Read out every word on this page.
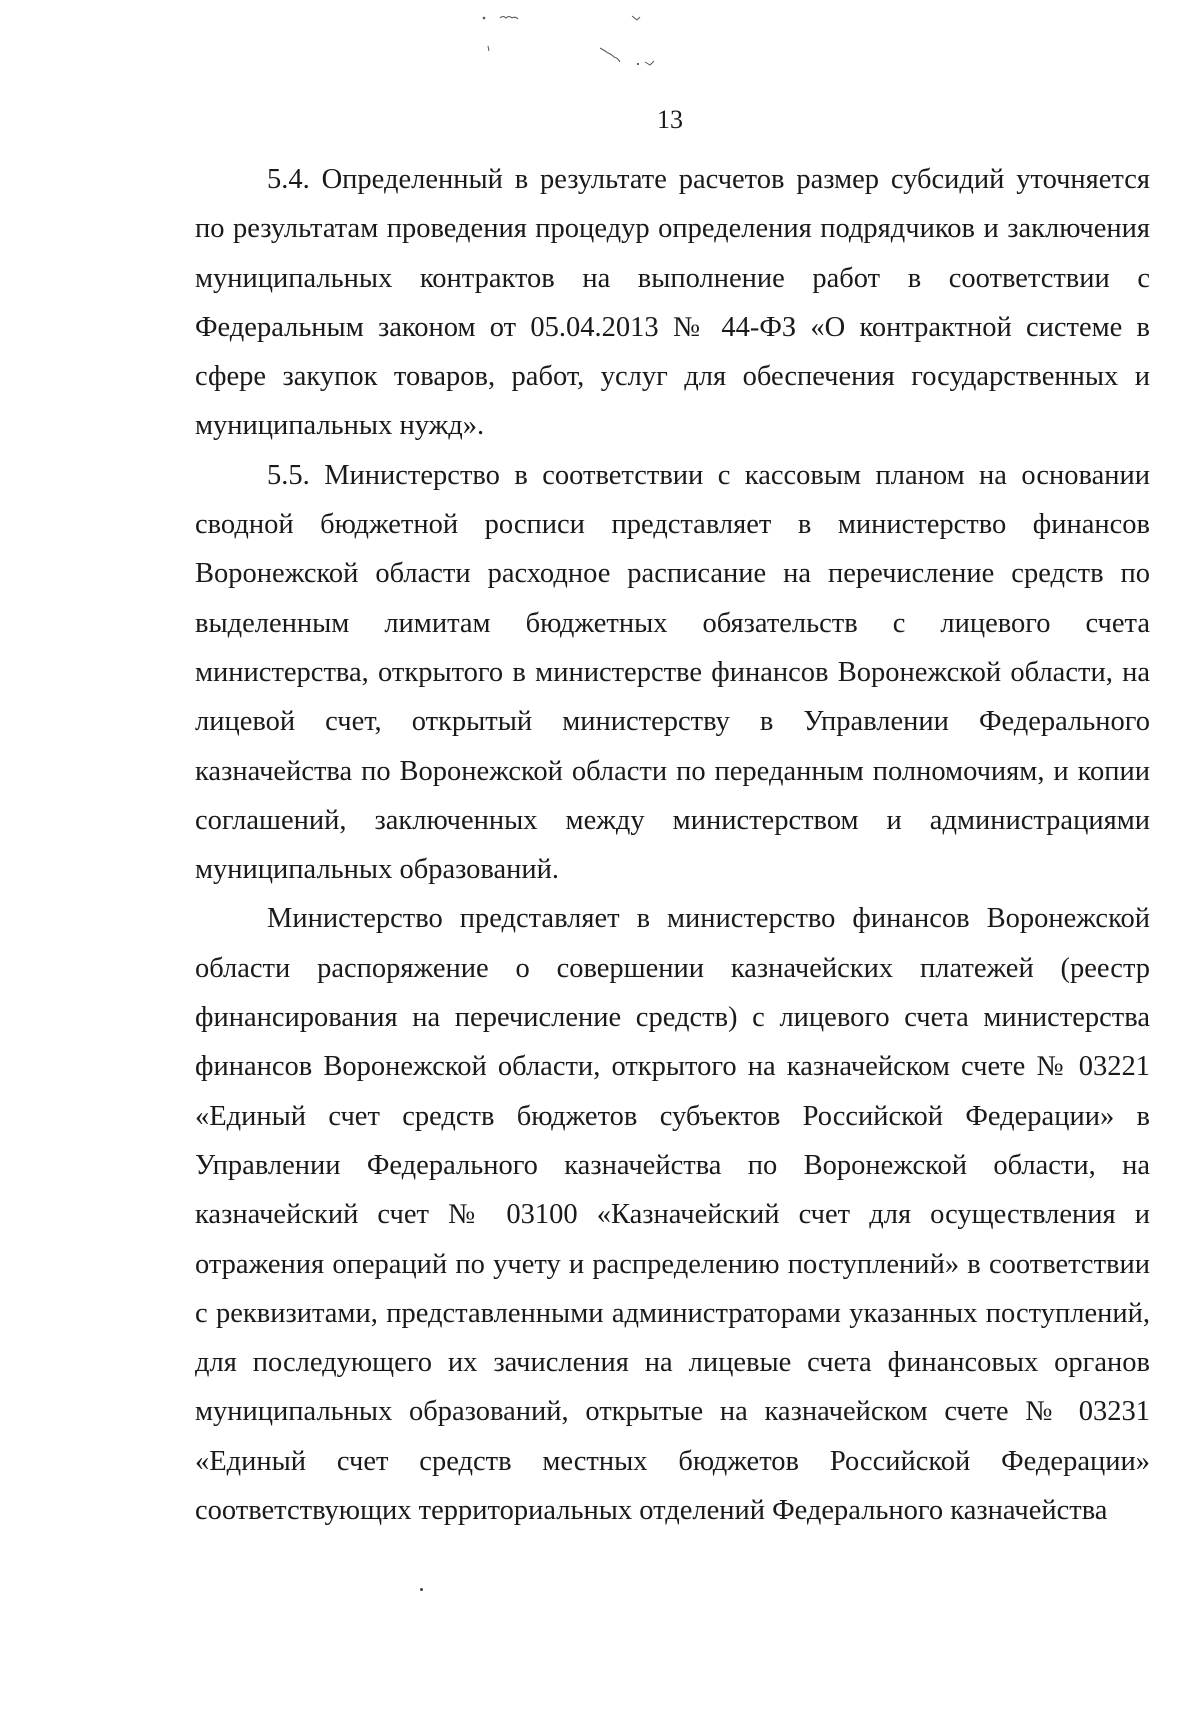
13

5.4. Определенный в результате расчетов размер субсидий уточняется по результатам проведения процедур определения подрядчиков и заключения муниципальных контрактов на выполнение работ в соответствии с Федеральным законом от 05.04.2013 № 44-ФЗ «О контрактной системе в сфере закупок товаров, работ, услуг для обеспечения государственных и муниципальных нужд».

5.5. Министерство в соответствии с кассовым планом на основании сводной бюджетной росписи представляет в министерство финансов Воронежской области расходное расписание на перечисление средств по выделенным лимитам бюджетных обязательств с лицевого счета министерства, открытого в министерстве финансов Воронежской области, на лицевой счет, открытый министерству в Управлении Федерального казначейства по Воронежской области по переданным полномочиям, и копии соглашений, заключенных между министерством и администрациями муниципальных образований.

Министерство представляет в министерство финансов Воронежской области распоряжение о совершении казначейских платежей (реестр финансирования на перечисление средств) с лицевого счета министерства финансов Воронежской области, открытого на казначейском счете № 03221 «Единый счет средств бюджетов субъектов Российской Федерации» в Управлении Федерального казначейства по Воронежской области, на казначейский счет № 03100 «Казначейский счет для осуществления и отражения операций по учету и распределению поступлений» в соответствии с реквизитами, представленными администраторами указанных поступлений, для последующего их зачисления на лицевые счета финансовых органов муниципальных образований, открытые на казначейском счете № 03231 «Единый счет средств местных бюджетов Российской Федерации» соответствующих территориальных отделений Федерального казначейства
